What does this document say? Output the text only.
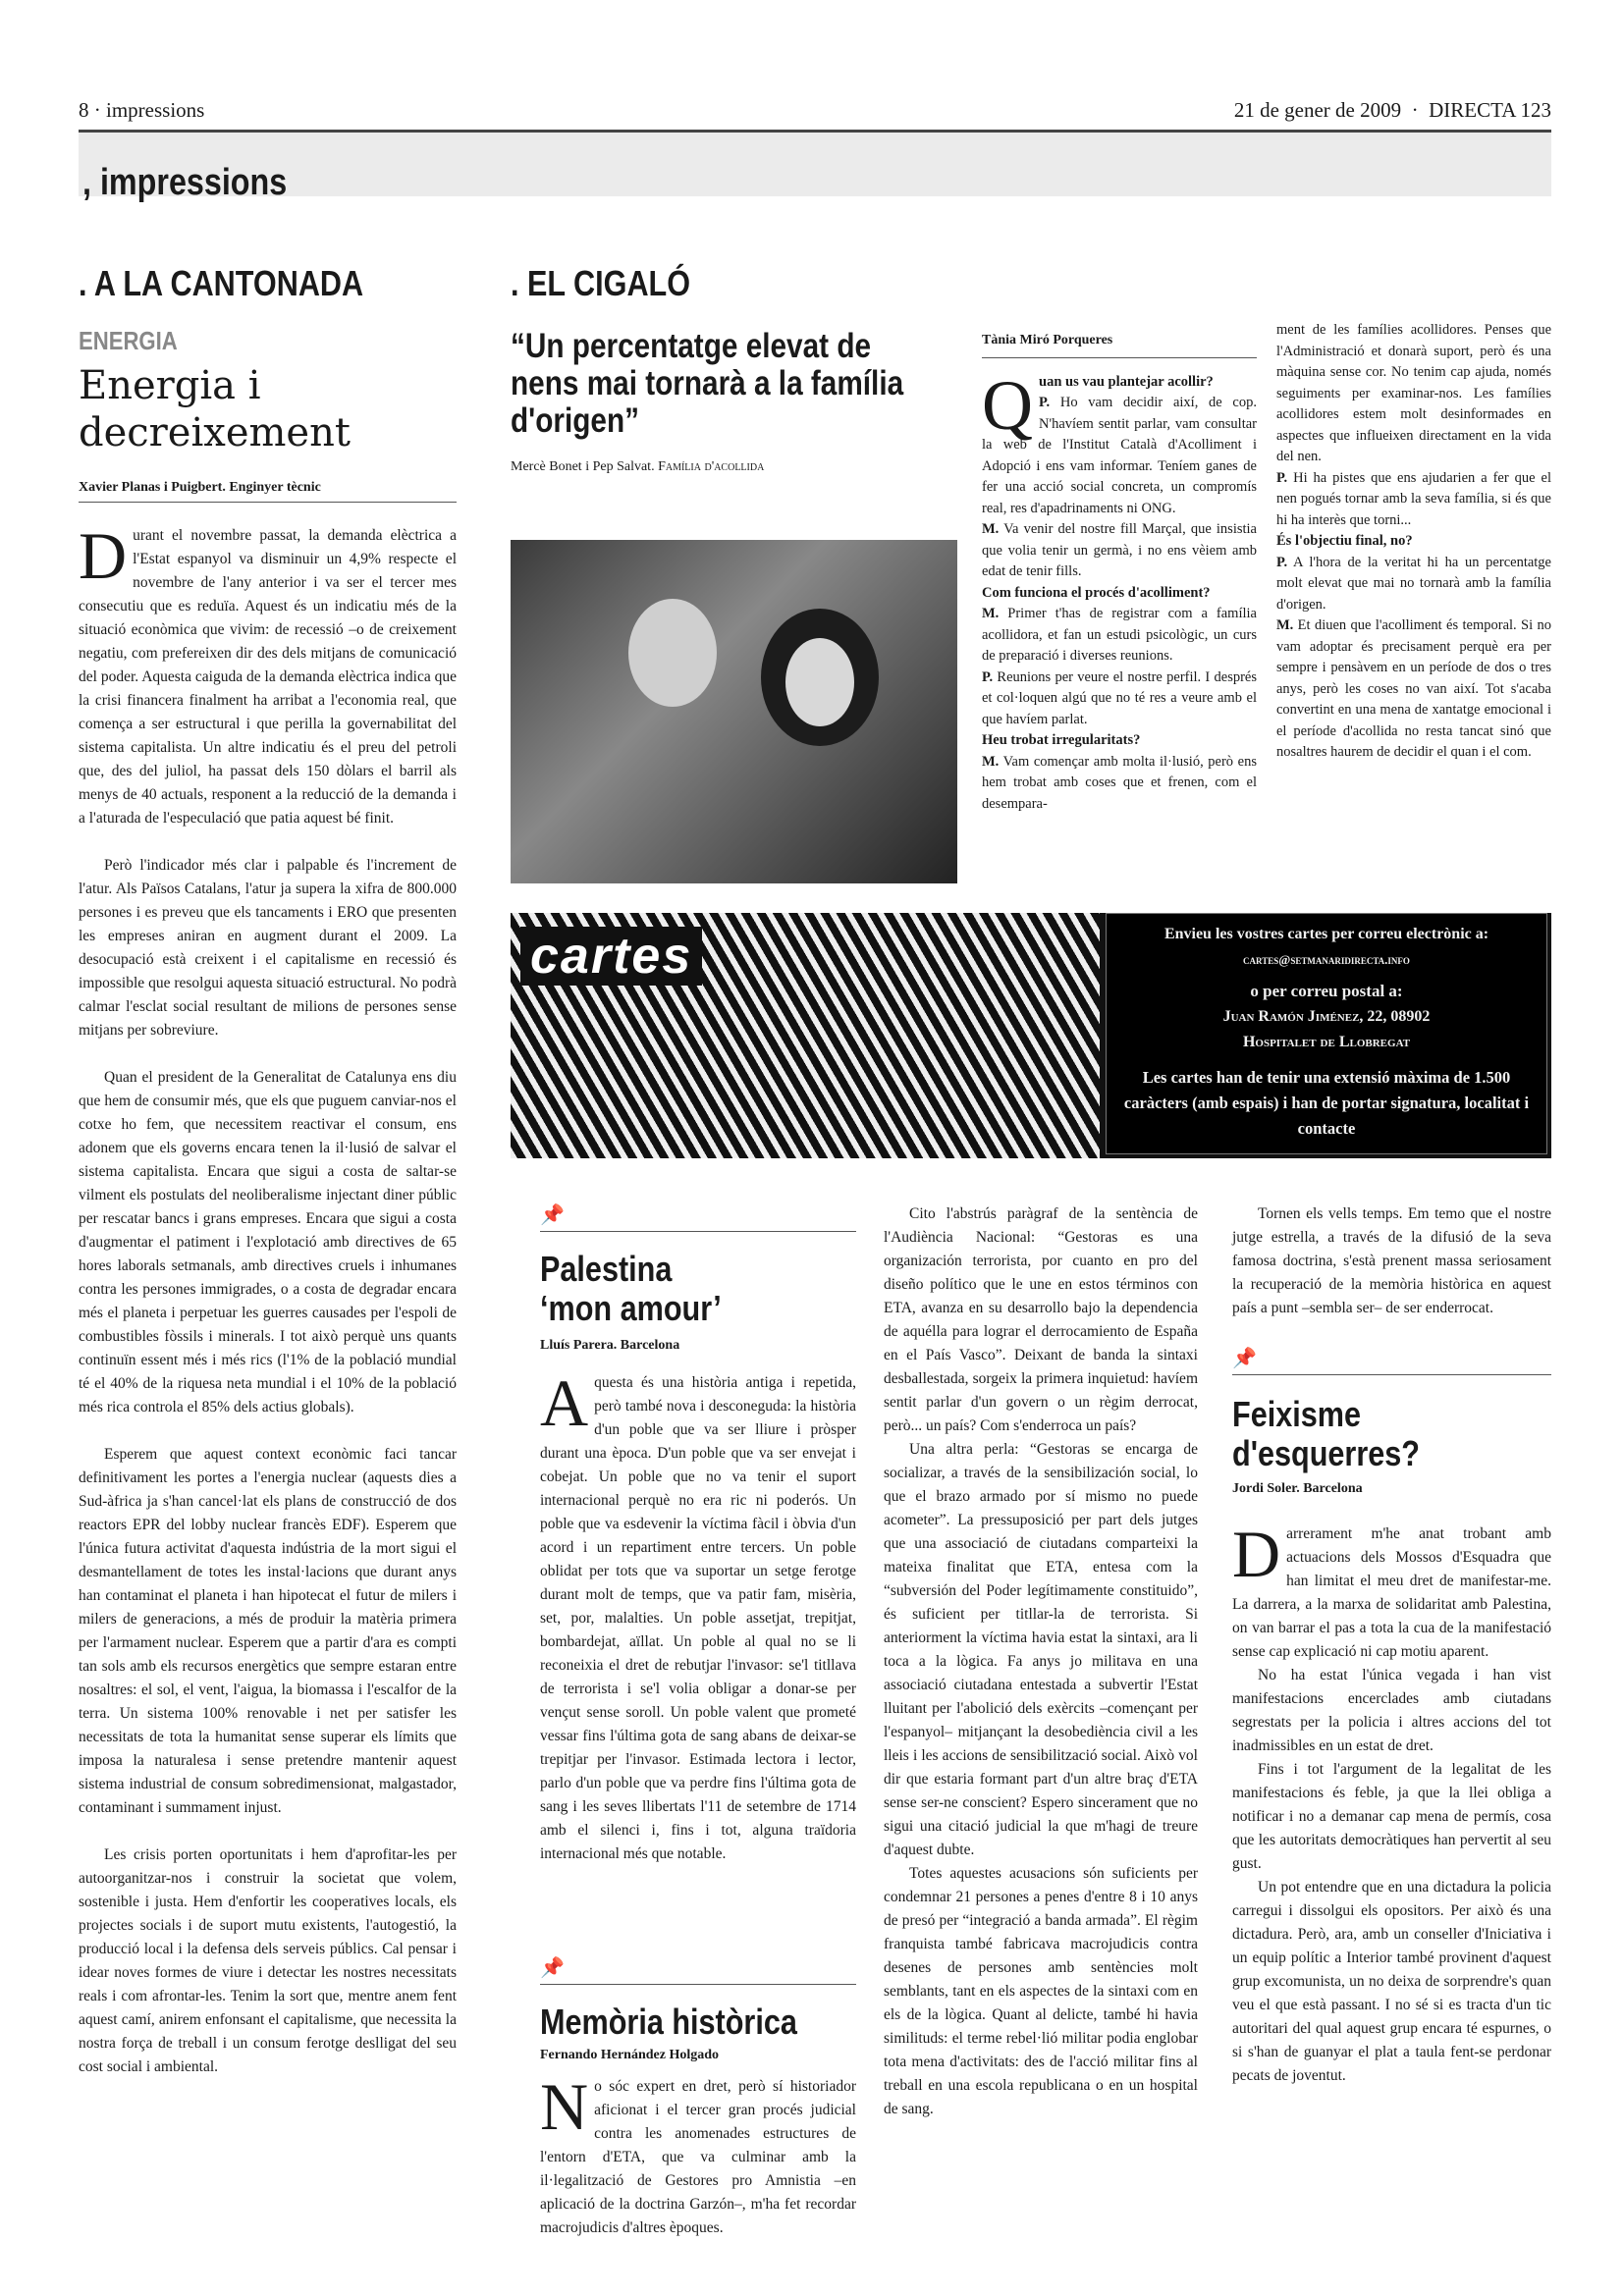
8 · impressions	21 de gener de 2009 · DIRECTA 123
, impressions
. A LA CANTONADA
ENERGIA
Energia i
decreixement
Xavier Planas i Puigbert. Enginyer tècnic

Durant el novembre passat, la demanda elèctrica a l'Estat espanyol va disminuir un 4,9% respecte el novembre de l'any anterior i va ser el tercer mes consecutiu que es reduïa. Aquest és un indicatiu més de la situació econòmica que vivim: de recessió –o de creixement negatiu, com prefereixen dir des dels mitjans de comunicació del poder. Aquesta caiguda de la demanda elèctrica indica que la crisi financera finalment ha arribat a l'economia real, que comença a ser estructural i que perilla la governabilitat del sistema capitalista. Un altre indicatiu és el preu del petroli que, des del juliol, ha passat dels 150 dòlars el barril als menys de 40 actuals, responent a la reducció de la demanda i a l'aturada de l'especulació que patia aquest bé finit.

Però l'indicador més clar i palpable és l'increment de l'atur. Als Països Catalans, l'atur ja supera la xifra de 800.000 persones i es preveu que els tancaments i ERO que presenten les empreses aniran en augment durant el 2009. La desocupació està creixent i el capitalisme en recessió és impossible que resolgui aquesta situació estructural. No podrà calmar l'esclat social resultant de milions de persones sense mitjans per sobreviure.

Quan el president de la Generalitat de Catalunya ens diu que hem de consumir més, que els que puguem canviar-nos el cotxe ho fem, que necessitem reactivar el consum, ens adonem que els governs encara tenen la il·lusió de salvar el sistema capitalista. Encara que sigui a costa de saltar-se vilment els postulats del neoliberalisme injectant diner públic per rescatar bancs i grans empreses. Encara que sigui a costa d'augmentar el patiment i l'explotació amb directives de 65 hores laborals setmanals, amb directives cruels i inhumanes contra les persones immigrades, o a costa de degradar encara més el planeta i perpetuar les guerres causades per l'espoli de combustibles fòssils i minerals. I tot això perquè uns quants continuïn essent més i més rics (l'1% de la població mundial té el 40% de la riquesa neta mundial i el 10% de la població més rica controla el 85% dels actius globals).

Esperem que aquest context econòmic faci tancar definitivament les portes a l'energia nuclear (aquests dies a Sud-àfrica ja s'han cancel·lat els plans de construcció de dos reactors EPR del lobby nuclear francès EDF). Esperem que l'única futura activitat d'aquesta indústria de la mort sigui el desmantellament de totes les instal·lacions que durant anys han contaminat el planeta i han hipotecat el futur de milers i milers de generacions, a més de produir la matèria primera per l'armament nuclear. Esperem que a partir d'ara es compti tan sols amb els recursos energètics que sempre estaran entre nosaltres: el sol, el vent, l'aigua, la biomassa i l'escalfor de la terra. Un sistema 100% renovable i net per satisfer les necessitats de tota la humanitat sense superar els límits que imposa la naturalesa i sense pretendre mantenir aquest sistema industrial de consum sobredimensionat, malgastador, contaminant i summament injust.

Les crisis porten oportunitats i hem d'aprofitar-les per autoorganitzar-nos i construir la societat que volem, sostenible i justa. Hem d'enfortir les cooperatives locals, els projectes socials i de suport mutu existents, l'autogestió, la producció local i la defensa dels serveis públics. Cal pensar i idear noves formes de viure i detectar les nostres necessitats reals i com afrontar-les. Tenim la sort que, mentre anem fent aquest camí, anirem enfonsant el capitalisme, que necessita la nostra força de treball i un consum ferotge deslligat del seu cost social i ambiental.

. EL CIGALÓ
“Un percentatge elevat de nens mai tornarà a la família d'origen”
Mercè Bonet i Pep Salvat. Família d'acollida
Tània Miró Porqueres

Quan us vau plantejar acollir?
P. Ho vam decidir així, de cop. N'havíem sentit parlar, vam consultar la web de l'Institut Català d'Acolliment i Adopció i ens vam informar. Teníem ganes de fer una acció social concreta, un compromís real, res d'apadrinaments ni ONG.

M. Va venir del nostre fill Marçal, que insistia que volia tenir un germà, i no ens vèiem amb edat de tenir fills.

Com funciona el procés d'acolliment?

M. Primer t'has de registrar com a família acollidora, et fan un estudi psicològic, un curs de preparació i diverses reunions.

P. Reunions per veure el nostre perfil. I després et col·loquen algú que no té res a veure amb el que havíem parlat.

Heu trobat irregularitats?

M. Vam començar amb molta il·lusió, però ens hem trobat amb coses que et frenen, com el desempara-

ment de les famílies acollidores. Penses que l'Administració et donarà suport, però és una màquina sense cor. No tenim cap ajuda, només seguiments per examinar-nos. Les famílies acollidores estem molt desinformades en aspectes que influeixen directament en la vida del nen.

P. Hi ha pistes que ens ajudarien a fer que el nen pogués tornar amb la seva família, si és que hi ha interès que torni...

És l'objectiu final, no?

P. A l'hora de la veritat hi ha un percentatge molt elevat que mai no tornarà amb la família d'origen.

M. Et diuen que l'acolliment és temporal. Si no vam adoptar és precisament perquè era per sempre i pensàvem en un període de dos o tres anys, però les coses no van així. Tot s'acaba convertint en una mena de xantatge emocional i el període d'acollida no resta tancat sinó que nosaltres haurem de decidir el quan i el com.

cartes	Envieu les vostres cartes per correu electrònic a:
cartes@setmanaridirecta.info
o per correu postal a:
Juan Ramón Jiménez, 22, 08902
Hospitalet de Llobregat
Les cartes han de tenir una extensió màxima de 1.500 caràcters (amb espais) i han de portar signatura, localitat i contacte
📌
Palestina
‘mon amour’
Lluís Parera. Barcelona

Aquesta és una història antiga i repetida, però també nova i desconeguda: la història d'un poble que va ser lliure i pròsper durant una època. D'un poble que va ser envejat i cobejat. Un poble que no va tenir el suport internacional perquè no era ric ni poderós. Un poble que va esdevenir la víctima fàcil i òbvia d'un acord i un repartiment entre tercers. Un poble oblidat per tots que va suportar un setge ferotge durant molt de temps, que va patir fam, misèria, set, por, malalties. Un poble assetjat, trepitjat, bombardejat, aïllat. Un poble al qual no se li reconeixia el dret de rebutjar l'invasor: se'l titllava de terrorista i se'l volia obligar a donar-se per vençut sense soroll. Un poble valent que prometé vessar fins l'última gota de sang abans de deixar-se trepitjar per l'invasor. Estimada lectora i lector, parlo d'un poble que va perdre fins l'última gota de sang i les seves llibertats l'11 de setembre de 1714 amb el silenci i, fins i tot, alguna traïdoria internacional més que notable.

📌
Memòria històrica
Fernando Hernández Holgado

No sóc expert en dret, però sí historiador aficionat i el tercer gran procés judicial contra les anomenades estructures de l'entorn d'ETA, que va culminar amb la il·legalització de Gestores pro Amnistia –en aplicació de la doctrina Garzón–, m'ha fet recordar macrojudicis d'altres èpoques.

Cito l'abstrús paràgraf de la sentència de l'Audiència Nacional: “Gestoras es una organización terrorista, por cuanto en pro del diseño político que le une en estos términos con ETA, avanza en su desarrollo bajo la dependencia de aquélla para lograr el derrocamiento de España en el País Vasco”. Deixant de banda la sintaxi desballestada, sorgeix la primera inquietud: havíem sentit parlar d'un govern o un règim derrocat, però... un país? Com s'enderroca un país?

Una altra perla: “Gestoras se encarga de socializar, a través de la sensibilización social, lo que el brazo armado por sí mismo no puede acometer”. La pressuposició per part dels jutges que una associació de ciutadans comparteixi la mateixa finalitat que ETA, entesa com la “subversión del Poder legítimamente constituido”, és suficient per titllar-la de terrorista. Si anteriorment la víctima havia estat la sintaxi, ara li toca a la lògica. Fa anys jo militava en una associació ciutadana entestada a subvertir l'Estat lluitant per l'abolició dels exèrcits –començant per l'espanyol– mitjançant la desobediència civil a les lleis i les accions de sensibilització social. Això vol dir que estaria formant part d'un altre braç d'ETA sense ser-ne conscient? Espero sincerament que no sigui una citació judicial la que m'hagi de treure d'aquest dubte.

Totes aquestes acusacions són suficients per condemnar 21 persones a penes d'entre 8 i 10 anys de presó per “integració a banda armada”. El règim franquista també fabricava macrojudicis contra desenes de persones amb sentències molt semblants, tant en els aspectes de la sintaxi com en els de la lògica. Quant al delicte, també hi havia similituds: el terme rebel·lió militar podia englobar tota mena d'activitats: des de l'acció militar fins al treball en una escola republicana o en un hospital de sang.

Tornen els vells temps. Em temo que el nostre jutge estrella, a través de la difusió de la seva famosa doctrina, s'està prenent massa seriosament la recuperació de la memòria històrica en aquest país a punt –sembla ser– de ser enderrocat.

📌
Feixisme
d'esquerres?
Jordi Soler. Barcelona

Darrerament m'he anat trobant amb actuacions dels Mossos d'Esquadra que han limitat el meu dret de manifestar-me. La darrera, a la marxa de solidaritat amb Palestina, on van barrar el pas a tota la cua de la manifestació sense cap explicació ni cap motiu aparent.

No ha estat l'única vegada i han vist manifestacions encerclades amb ciutadans segrestats per la policia i altres accions del tot inadmissibles en un estat de dret.

Fins i tot l'argument de la legalitat de les manifestacions és feble, ja que la llei obliga a notificar i no a demanar cap mena de permís, cosa que les autoritats democràtiques han pervertit al seu gust.

Un pot entendre que en una dictadura la policia carregui i dissolgui els opositors. Per això és una dictadura. Però, ara, amb un conseller d'Iniciativa i un equip polític a Interior també provinent d'aquest grup excomunista, un no deixa de sorprendre's quan veu el que està passant. I no sé si es tracta d'un tic autoritari del qual aquest grup encara té espurnes, o si s'han de guanyar el plat a taula fent-se perdonar pecats de joventut.
